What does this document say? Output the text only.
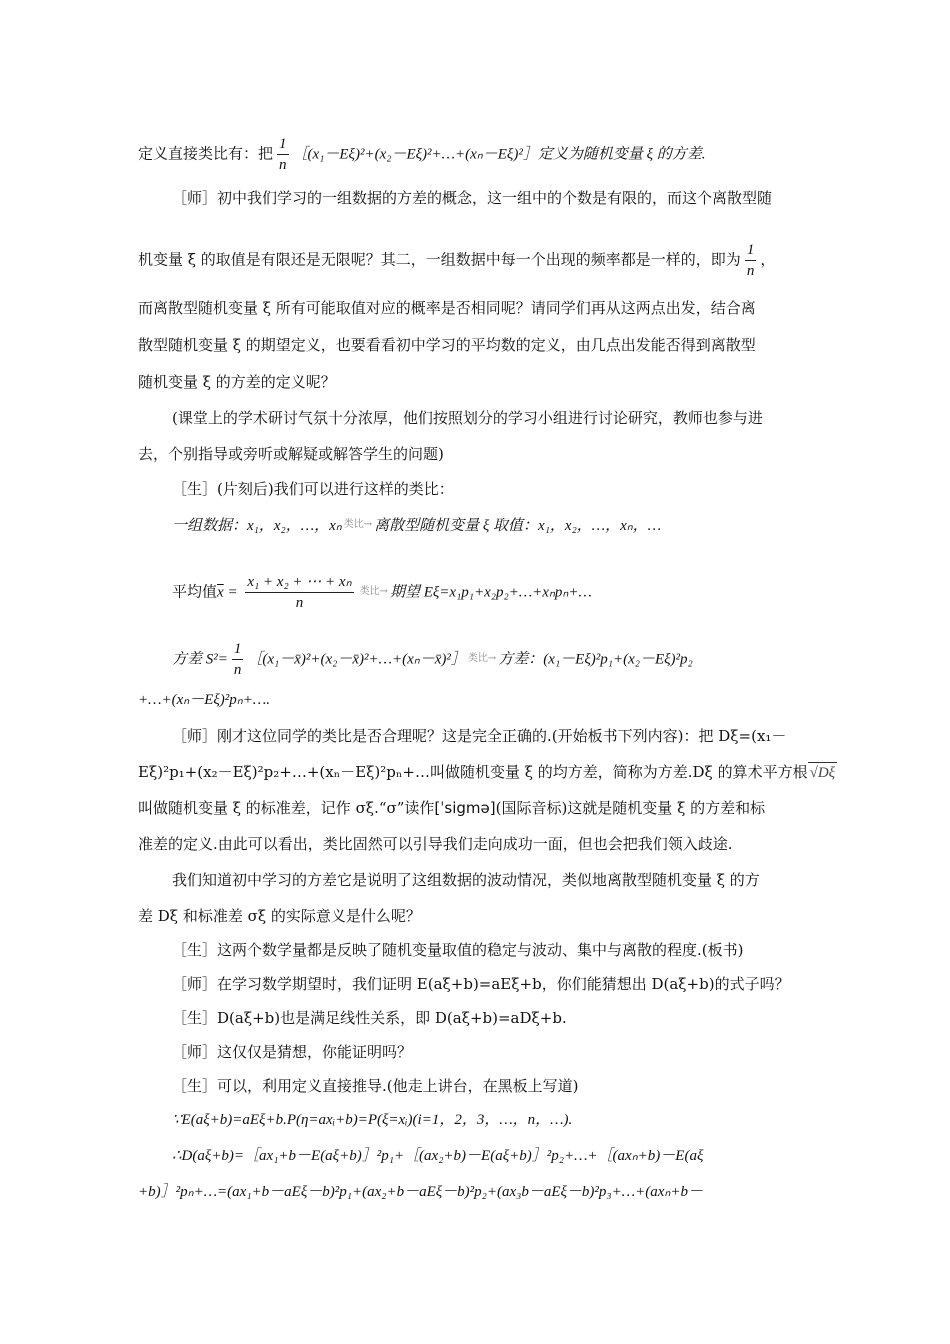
定义直接类比有：把 $\frac{1}{n}$ ［(x₁－Eξ)²+(x₂－Eξ)²+…+(xₙ－Eξ)²］定义为随机变量 ξ 的方差.
［师］初中我们学习的一组数据的方差的概念，这一组中的个数是有限的，而这个离散型随
机变量 ξ 的取值是有限还是无限呢？其二，一组数据中每一个出现的频率都是一样的，即为 $\frac{1}{n}$ ，
而离散型随机变量 ξ 所有可能取值对应的概率是否相同呢？请同学们再从这两点出发，结合离
散型随机变量 ξ 的期望定义，也要看看初中学习的平均数的定义，由几点出发能否得到离散型
随机变量 ξ 的方差的定义呢？
(课堂上的学术研讨气氛十分浓厚，他们按照划分的学习小组进行讨论研究，教师也参与进
去，个别指导或旁听或解疑或解答学生的问题)
［生］(片刻后)我们可以进行这样的类比：
一组数据：x₁，x₂，…，xₙ 类比→ 离散型随机变量 ξ 取值：x₁，x₂，…，xₙ，…
平均值$\overline{x} = \frac{\text{x₁ + x₂ + ⋯ + xₙ}}{n}$ 类比→ 期望 Eξ=x₁p₁+x₂p₂+…+xₙpₙ+…
方差 $S^2= \frac{1}{n}$ ［(x₁－x̄)²+(x₂－x̄)²+…+(xₙ－x̄)²］ 类比→ 方差：(x₁－Eξ)²p₁+(x₂－Eξ)²p₂
+…+(xₙ－Eξ)²pₙ+….
［师］刚才这位同学的类比是否合理呢？这是完全正确的.(开始板书下列内容)：把 Dξ=(x₁－
Eξ)²p₁+(x₂－Eξ)²p₂+…+(xₙ－Eξ)²pₙ+…叫做随机变量 ξ 的均方差，简称为方差.Dξ 的算术平方根 √Dξ
叫做随机变量 ξ 的标准差，记作 σξ.“σ”读作[ˈsigmə](国际音标)这就是随机变量 ξ 的方差和标
准差的定义.由此可以看出，类比固然可以引导我们走向成功一面，但也会把我们领入歧途.
我们知道初中学习的方差它是说明了这组数据的波动情况，类似地离散型随机变量 ξ 的方
差 Dξ 和标准差 σξ 的实际意义是什么呢？
［生］这两个数学量都是反映了随机变量取值的稳定与波动、集中与离散的程度.(板书)
［师］在学习数学期望时，我们证明 E(aξ+b)=aEξ+b，你们能猜想出 D(aξ+b)的式子吗？
［生］D(aξ+b)也是满足线性关系，即 D(aξ+b)=aDξ+b.
［师］这仅仅是猜想，你能证明吗？
［生］可以，利用定义直接推导.(他走上讲台，在黑板上写道)
∵E(aξ+b)=aEξ+b.P(η=axᵢ+b)=P(ξ=xᵢ)(i=1，2，3，…，n，…).
∴D(aξ+b)=［ax₁+b－E(aξ+b)］²p₁+［(ax₂+b)－E(aξ+b)］²p₂+…+［(axₙ+b)－E(aξ
+b)］²pₙ+…=(ax₁+b－aEξ－b)²p₁+(ax₂+b－aEξ－b)²p₂+(ax₃b－aEξ－b)²p₃+…+(axₙ+b－
